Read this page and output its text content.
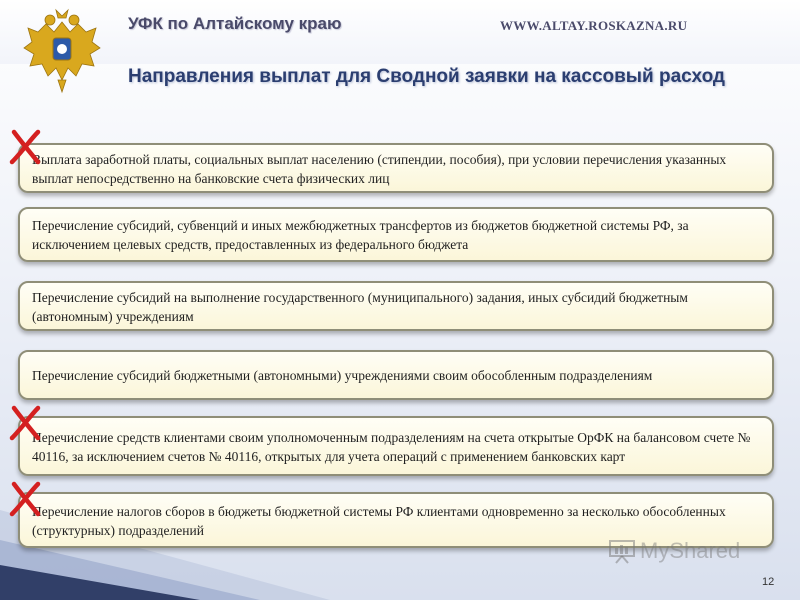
УФК по Алтайскому краю	WWW.ALTAY.ROSKAZNA.RU
Направления выплат для Сводной заявки на кассовый расход
Выплата заработной платы, социальных выплат населению (стипендии, пособия), при условии перечисления указанных выплат непосредственно на банковские счета физических лиц
Перечисление субсидий, субвенций и иных межбюджетных трансфертов из бюджетов бюджетной системы РФ, за исключением целевых средств, предоставленных из федерального бюджета
Перечисление субсидий на выполнение государственного (муниципального) задания, иных субсидий бюджетным (автономным) учреждениям
Перечисление субсидий бюджетными (автономными) учреждениями своим обособленным подразделениям
Перечисление средств клиентами своим уполномоченным подразделениям на счета открытые ОрФК на балансовом счете № 40116, за исключением счетов № 40116, открытых для учета операций с применением банковских карт
Перечисление налогов сборов в бюджеты бюджетной системы РФ клиентами одновременно за несколько обособленных (структурных) подразделений
MyShared
12
